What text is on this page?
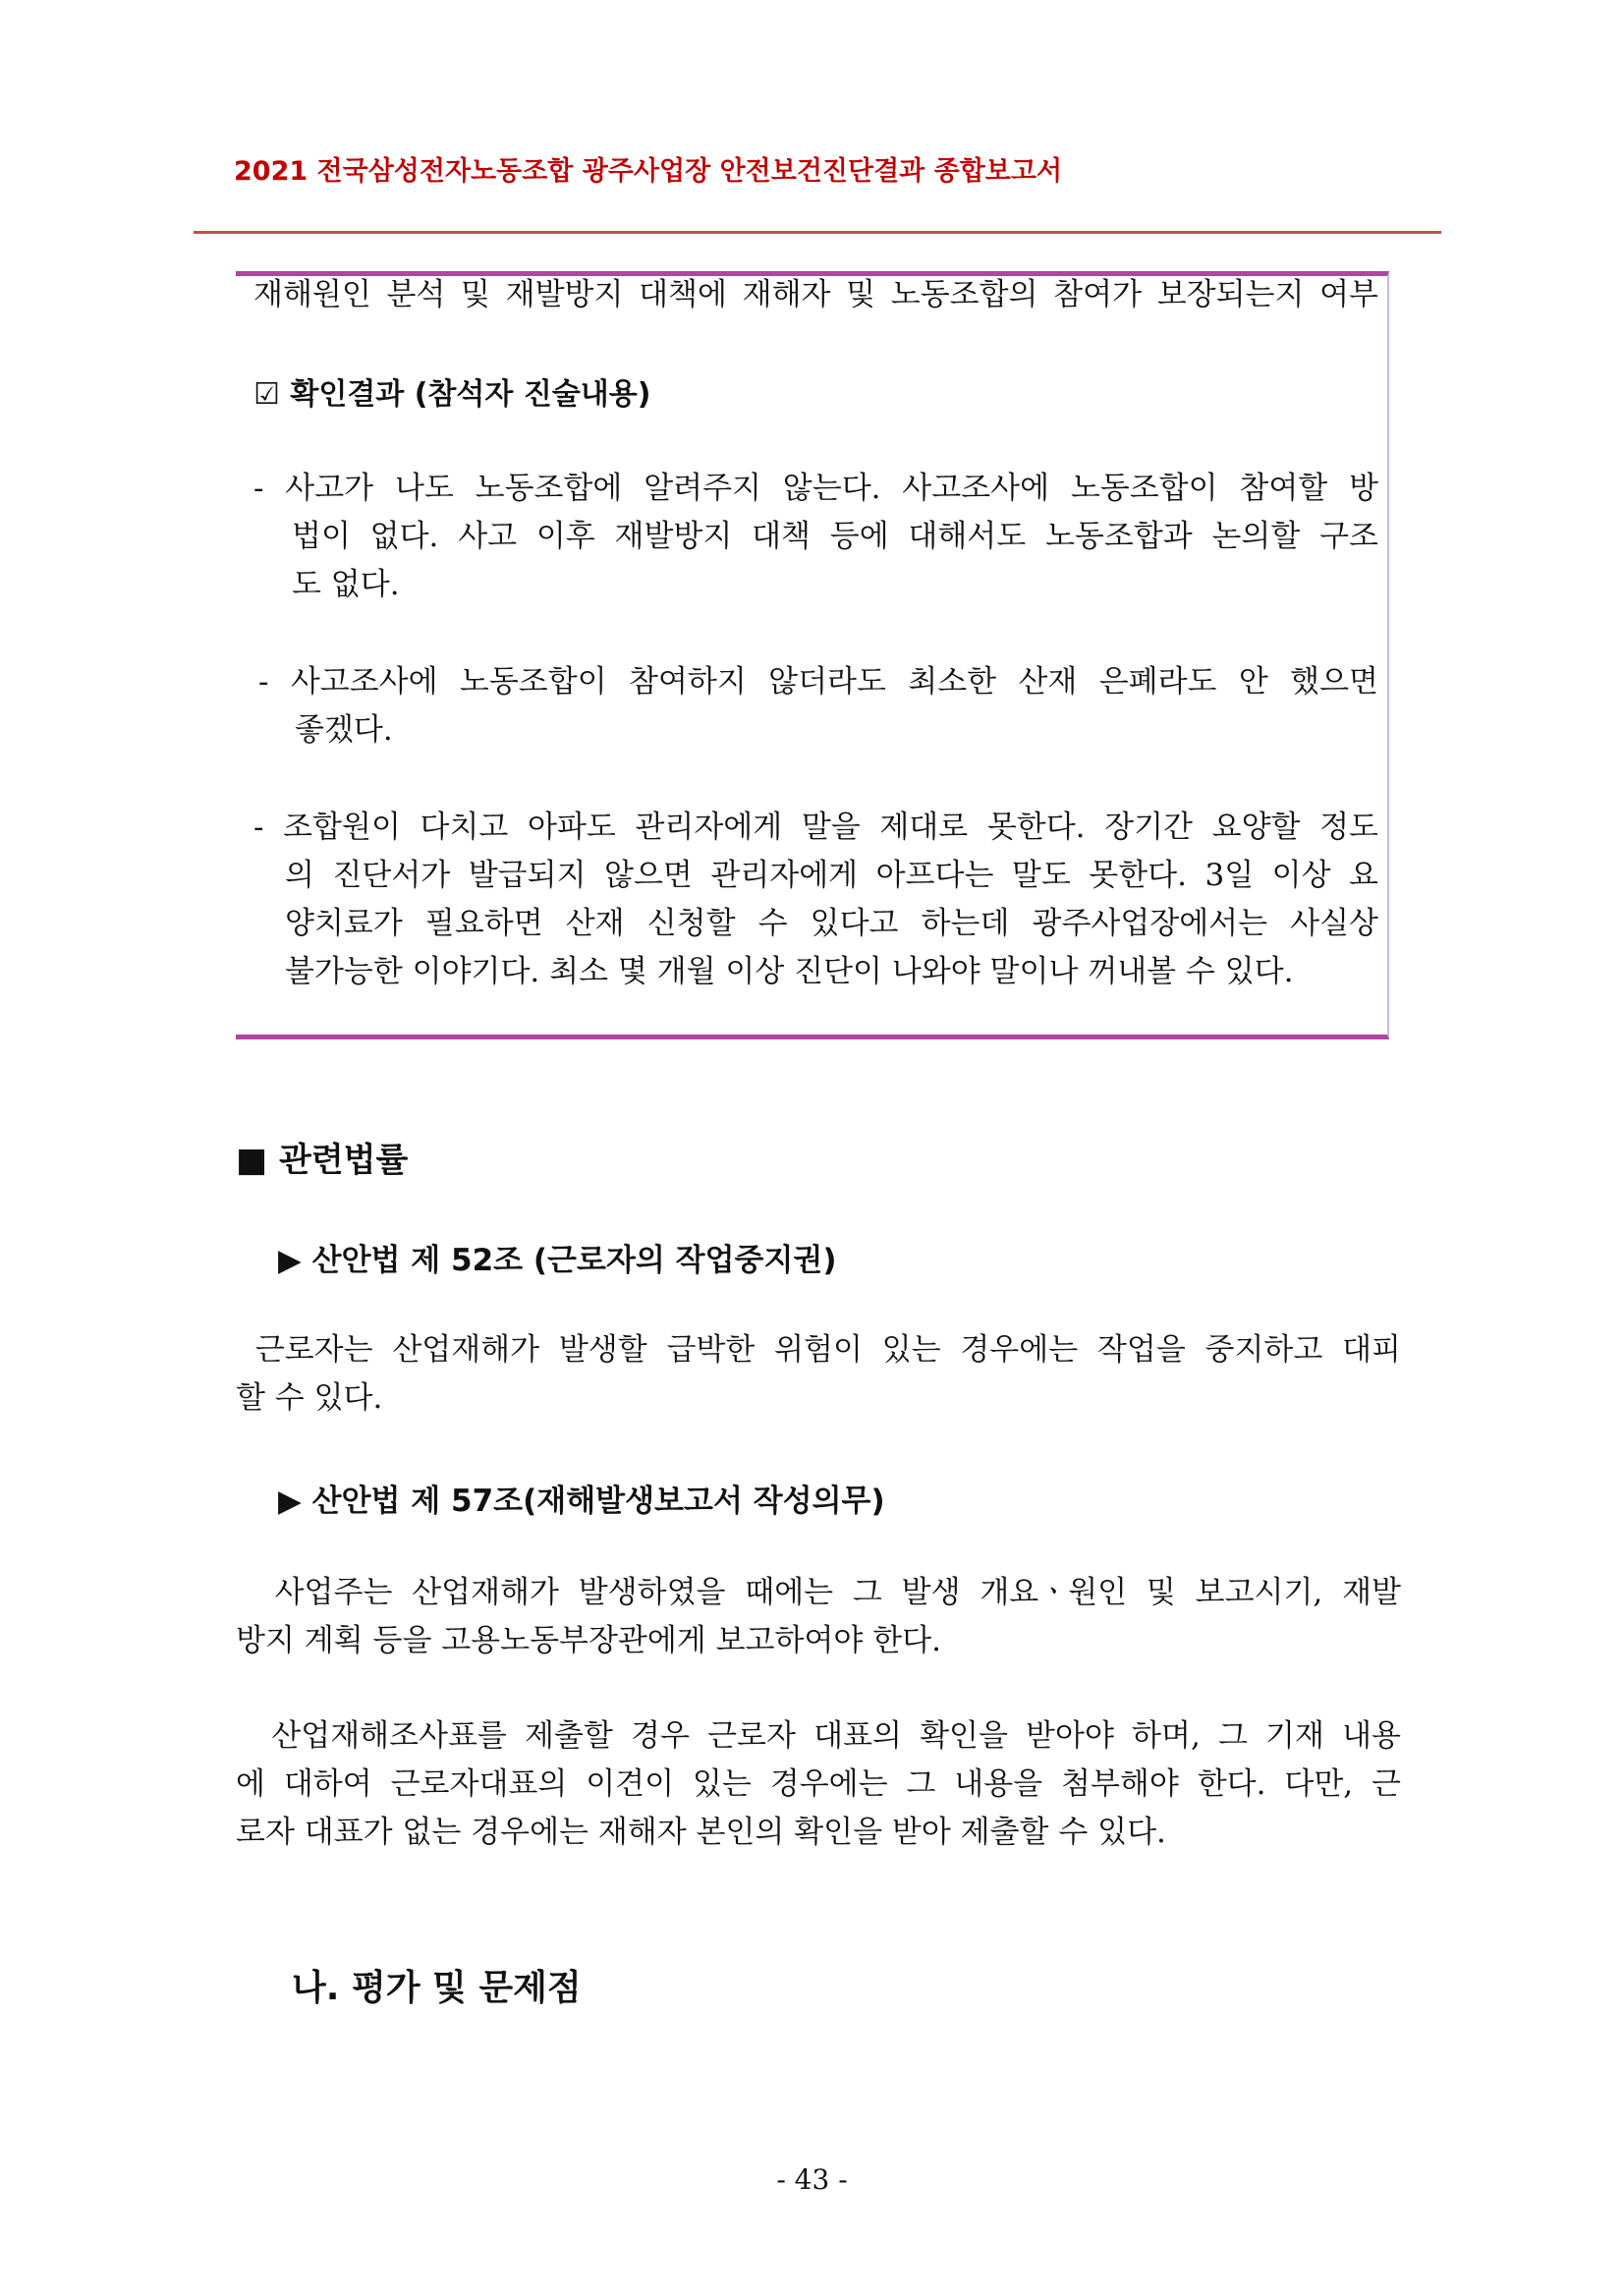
2021 전국삼성전자노동조합 광주사업장 안전보건진단결과 종합보고서
재해원인 분석 및 재발방지 대책에 재해자 및 노동조합의 참여가 보장되는지 여부
☑ 확인결과 (참석자 진술내용)
- 사고가 나도 노동조합에 알려주지 않는다. 사고조사에 노동조합이 참여할 방
법이 없다. 사고 이후 재발방지 대책 등에 대해서도 노동조합과 논의할 구조
도 없다.
- 사고조사에 노동조합이 참여하지 않더라도 최소한 산재 은폐라도 안 했으면
좋겠다.
- 조합원이 다치고 아파도 관리자에게 말을 제대로 못한다. 장기간 요양할 정도
의 진단서가 발급되지 않으면 관리자에게 아프다는 말도 못한다. 3일 이상 요
양치료가 필요하면 산재 신청할 수 있다고 하는데 광주사업장에서는 사실상
불가능한 이야기다. 최소 몇 개월 이상 진단이 나와야 말이나 꺼내볼 수 있다.
■ 관련법률
▶ 산안법 제 52조 (근로자의 작업중지권)
근로자는 산업재해가 발생할 급박한 위험이 있는 경우에는 작업을 중지하고 대피
할 수 있다.
▶ 산안법 제 57조(재해발생보고서 작성의무)
사업주는 산업재해가 발생하였을 때에는 그 발생 개요ㆍ원인 및 보고시기, 재발
방지 계획 등을 고용노동부장관에게 보고하여야 한다.
산업재해조사표를 제출할 경우 근로자 대표의 확인을 받아야 하며, 그 기재 내용
에 대하여 근로자대표의 이견이 있는 경우에는 그 내용을 첨부해야 한다. 다만, 근
로자 대표가 없는 경우에는 재해자 본인의 확인을 받아 제출할 수 있다.
나. 평가 및 문제점
- 43 -
